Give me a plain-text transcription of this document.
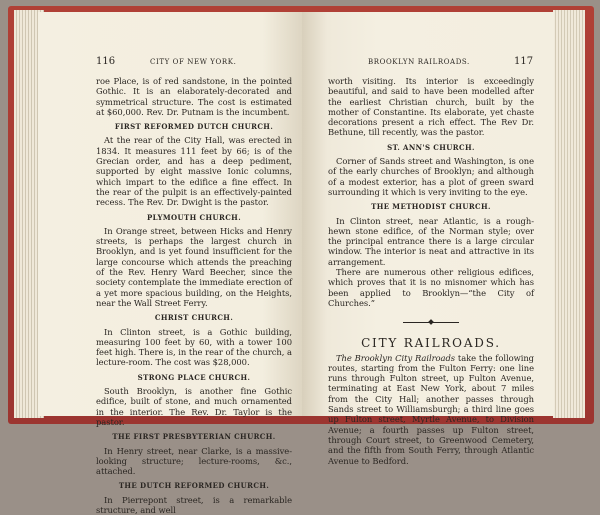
116	CITY OF NEW YORK.

roe Place, is of red sandstone, in the pointed Gothic. It is an elaborately-decorated and symmetrical structure. The cost is estimated at $60,000. Rev. Dr. Putnam is the incumbent.

FIRST REFORMED DUTCH CHURCH.

At the rear of the City Hall, was erected in 1834. It measures 111 feet by 66; is of the Grecian order, and has a deep pediment, supported by eight massive Ionic columns, which impart to the edifice a fine effect. In the rear of the pulpit is an effectively-painted recess. The Rev. Dr. Dwight is the pastor.

PLYMOUTH CHURCH.

In Orange street, between Hicks and Henry streets, is perhaps the largest church in Brooklyn, and is yet found insufficient for the large concourse which attends the preaching of the Rev. Henry Ward Beecher, since the society contemplate the immediate erection of a yet more spacious building, on the Heights, near the Wall Street Ferry.

CHRIST CHURCH.

In Clinton street, is a Gothic building, measuring 100 feet by 60, with a tower 100 feet high. There is, in the rear of the church, a lecture-room. The cost was $28,000.

STRONG PLACE CHURCH.

South Brooklyn, is another fine Gothic edifice, built of stone, and much ornamented in the interior. The Rev. Dr. Taylor is the pastor.

THE FIRST PRESBYTERIAN CHURCH.

In Henry street, near Clarke, is a massive-looking structure; lecture-rooms, &c., attached.

THE DUTCH REFORMED CHURCH.

In Pierrepont street, is a remarkable structure, and well

BROOKLYN RAILROADS.	117

worth visiting. Its interior is exceedingly beautiful, and said to have been modelled after the earliest Christian church, built by the mother of Constantine. Its elaborate, yet chaste decorations present a rich effect. The Rev Dr. Bethune, till recently, was the pastor.

ST. ANN'S CHURCH.

Corner of Sands street and Washington, is one of the early churches of Brooklyn; and although of a modest exterior, has a plot of green sward surrounding it which is very inviting to the eye.

THE METHODIST CHURCH.

In Clinton street, near Atlantic, is a rough-hewn stone edifice, of the Norman style; over the principal entrance there is a large circular window. The interior is neat and attractive in its arrangement.

There are numerous other religious edifices, which proves that it is no misnomer which has been applied to Brooklyn—“the City of Churches.”

CITY RAILROADS.

The Brooklyn City Railroads take the following routes, starting from the Fulton Ferry: one line runs through Fulton street, up Fulton Avenue, terminating at East New York, about 7 miles from the City Hall; another passes through Sands street to Williamsburgh; a third line goes up Fulton street, Myrtle Avenue, to Division Avenue; a fourth passes up Fulton street, through Court street, to Greenwood Cemetery, and the fifth from South Ferry, through Atlantic Avenue to Bedford.
